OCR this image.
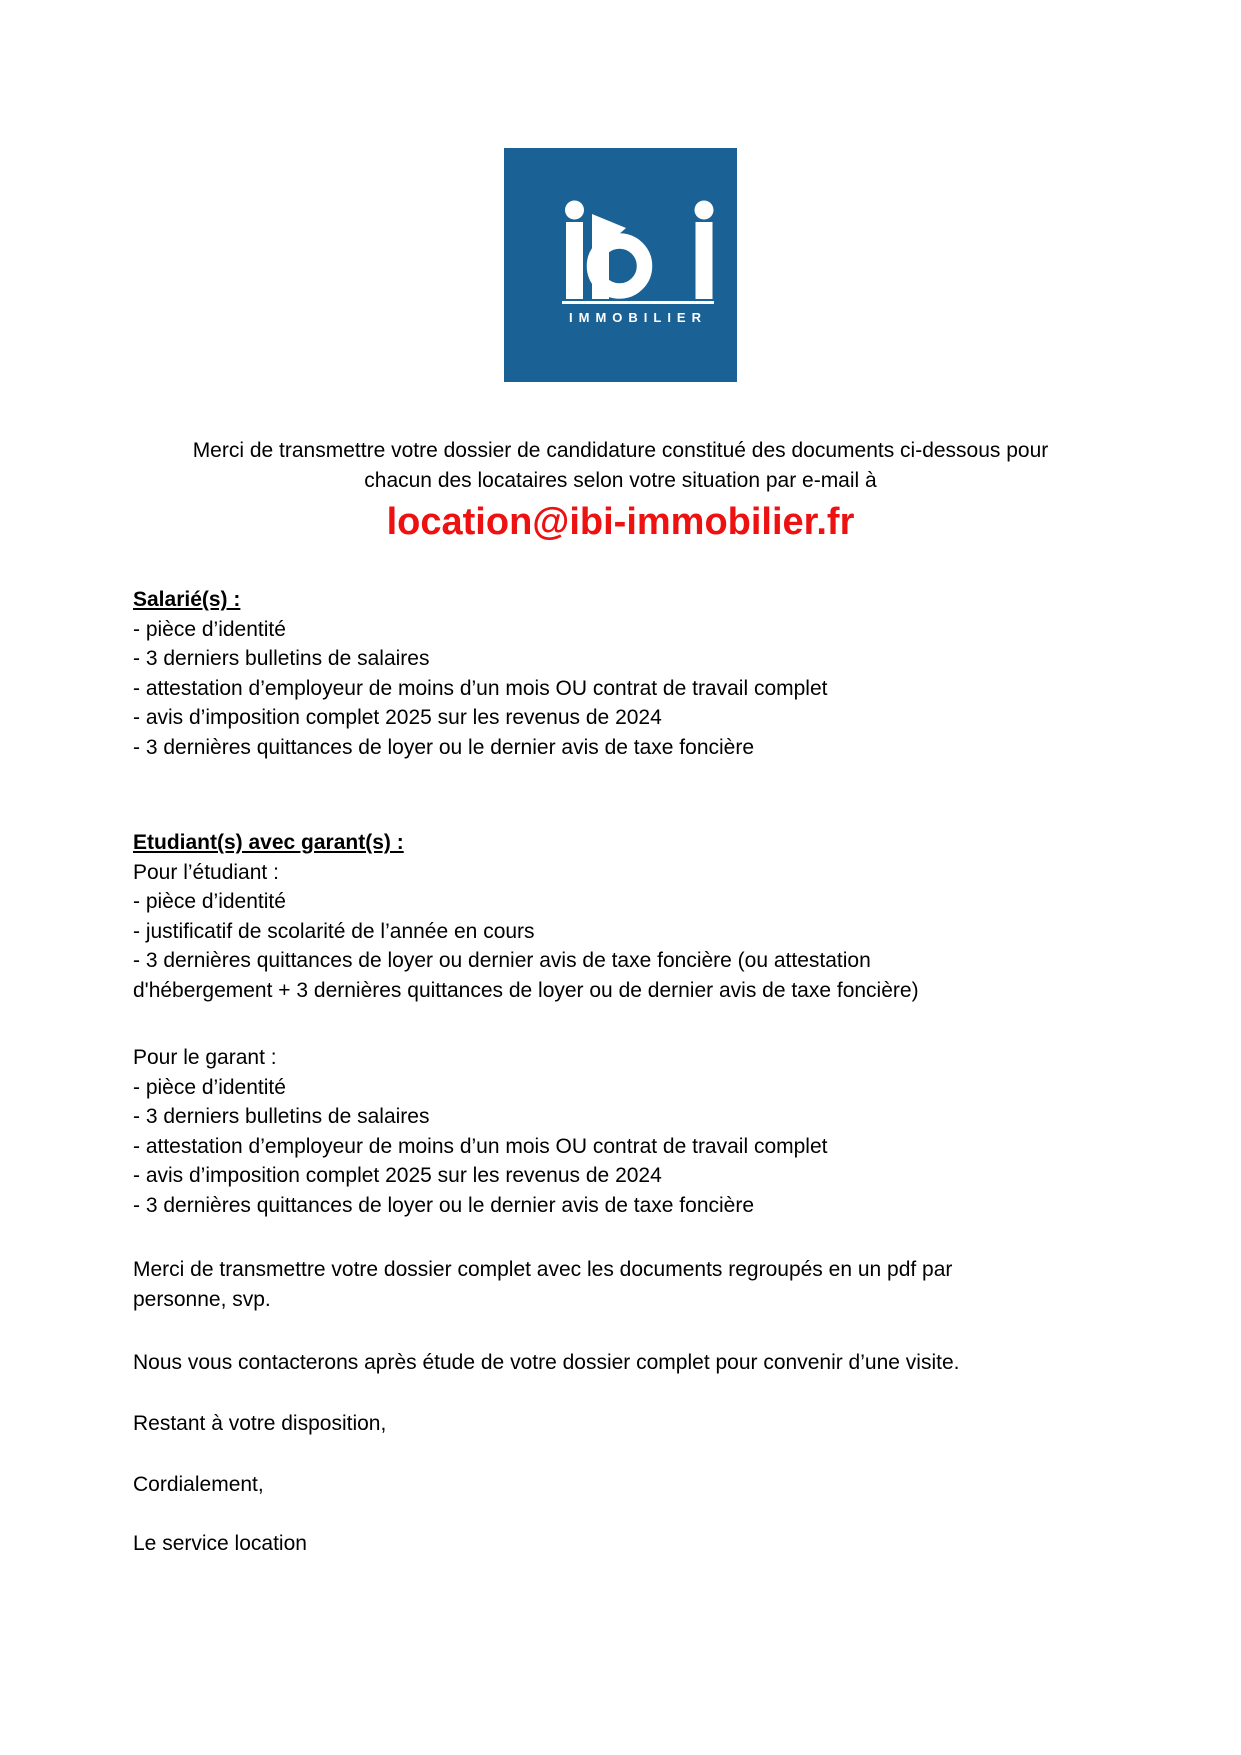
IMMOBILIER
Merci de transmettre votre dossier de candidature constitué des documents ci-dessous pour
chacun des locataires selon votre situation par e-mail à
location@ibi-immobilier.fr
Salarié(s) :
- pièce d’identité
- 3 derniers bulletins de salaires
- attestation d’employeur de moins d’un mois OU contrat de travail complet
- avis d’imposition complet 2025 sur les revenus de 2024
- 3 dernières quittances de loyer ou le dernier avis de taxe foncière
Etudiant(s) avec garant(s) :
Pour l’étudiant :
- pièce d’identité
- justificatif de scolarité de l’année en cours
- 3 dernières quittances de loyer ou dernier avis de taxe foncière (ou attestation
d'hébergement + 3 dernières quittances de loyer ou de dernier avis de taxe foncière)
Pour le garant :
- pièce d’identité
- 3 derniers bulletins de salaires
- attestation d’employeur de moins d’un mois OU contrat de travail complet
- avis d’imposition complet 2025 sur les revenus de 2024
- 3 dernières quittances de loyer ou le dernier avis de taxe foncière
Merci de transmettre votre dossier complet avec les documents regroupés en un pdf par
personne, svp.
Nous vous contacterons après étude de votre dossier complet pour convenir d’une visite.
Restant à votre disposition,
Cordialement,
Le service location
